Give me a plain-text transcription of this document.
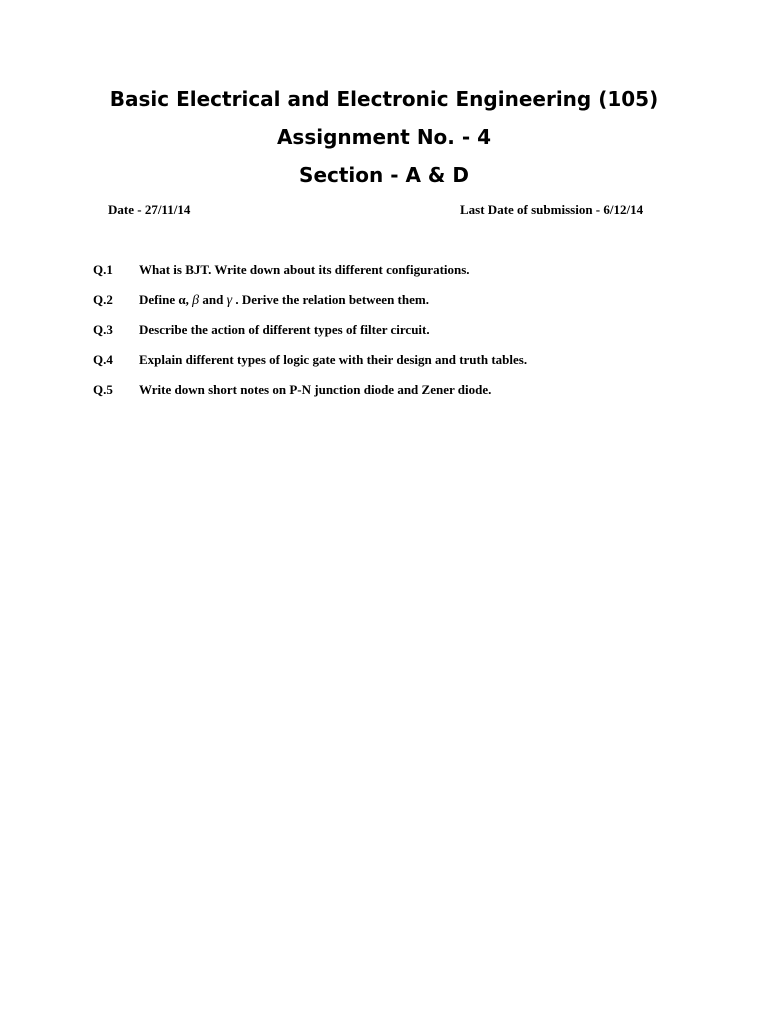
Basic Electrical and Electronic Engineering (105)
Assignment No. - 4
Section - A & D
Date - 27/11/14	Last Date of submission - 6/12/14
Q.1 What is BJT. Write down about its different configurations.
Q.2 Define α, β and γ . Derive the relation between them.
Q.3 Describe the action of different types of filter circuit.
Q.4 Explain different types of logic gate with their design and truth tables.
Q.5 Write down short notes on P-N junction diode and Zener diode.
